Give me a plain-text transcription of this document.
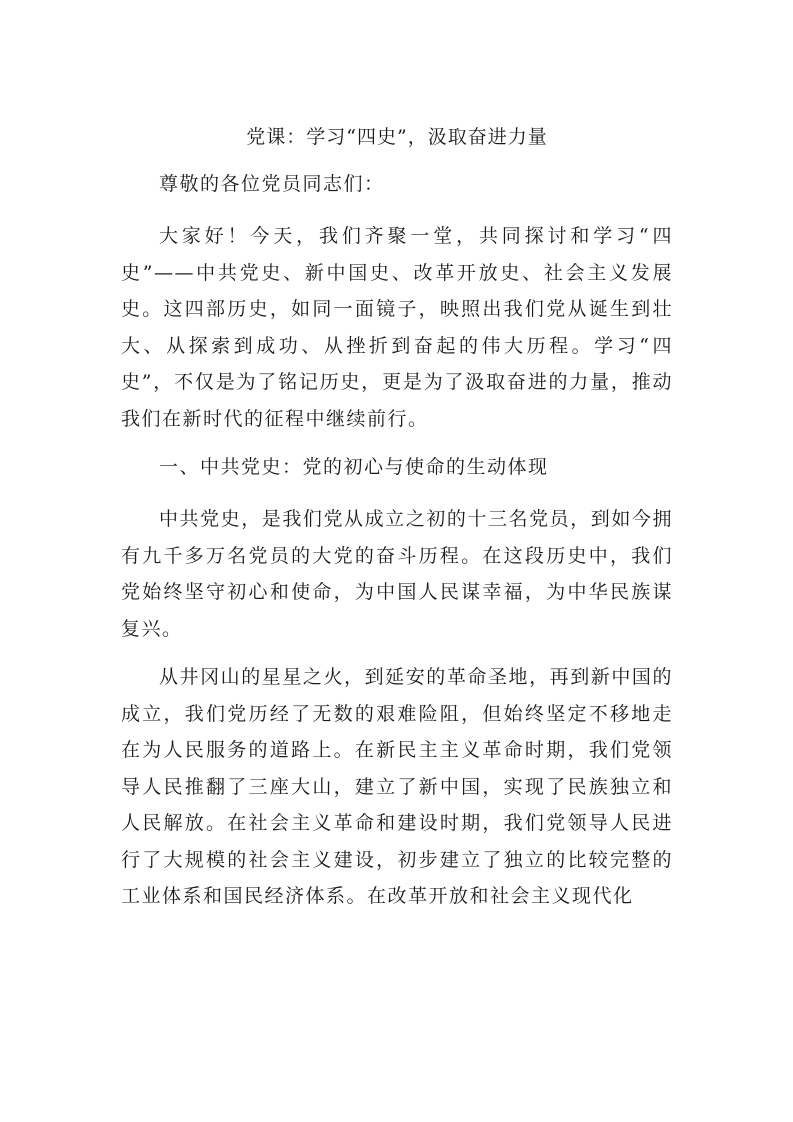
党课：学习“四史”，汲取奋进力量

尊敬的各位党员同志们：

大家好！今天，我们齐聚一堂，共同探讨和学习“四史”——中共党史、新中国史、改革开放史、社会主义发展史。这四部历史，如同一面镜子，映照出我们党从诞生到壮大、从探索到成功、从挫折到奋起的伟大历程。学习“四史”，不仅是为了铭记历史，更是为了汲取奋进的力量，推动我们在新时代的征程中继续前行。

一、中共党史：党的初心与使命的生动体现

中共党史，是我们党从成立之初的十三名党员，到如今拥有九千多万名党员的大党的奋斗历程。在这段历史中，我们党始终坚守初心和使命，为中国人民谋幸福，为中华民族谋复兴。

从井冈山的星星之火，到延安的革命圣地，再到新中国的成立，我们党历经了无数的艰难险阻，但始终坚定不移地走在为人民服务的道路上。在新民主主义革命时期，我们党领导人民推翻了三座大山，建立了新中国，实现了民族独立和人民解放。在社会主义革命和建设时期，我们党领导人民进行了大规模的社会主义建设，初步建立了独立的比较完整的工业体系和国民经济体系。在改革开放和社会主义现代化
